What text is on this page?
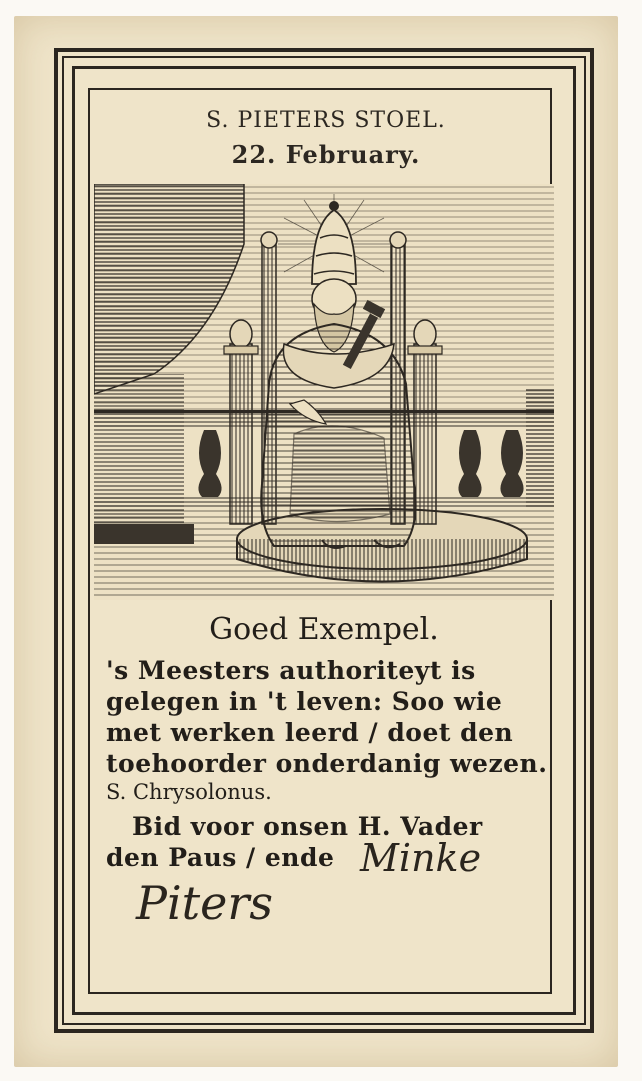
S. PIETERS STOEL.
22. February.
Goed Exempel.
's Meesters authoriteyt is
gelegen in 't leven: Soo wie
met werken leerd / doet den
toehoorder onderdanig wezen.
S. Chrysolonus.
Bid voor onsen H. Vader
den Paus / ende Minke
Piters
